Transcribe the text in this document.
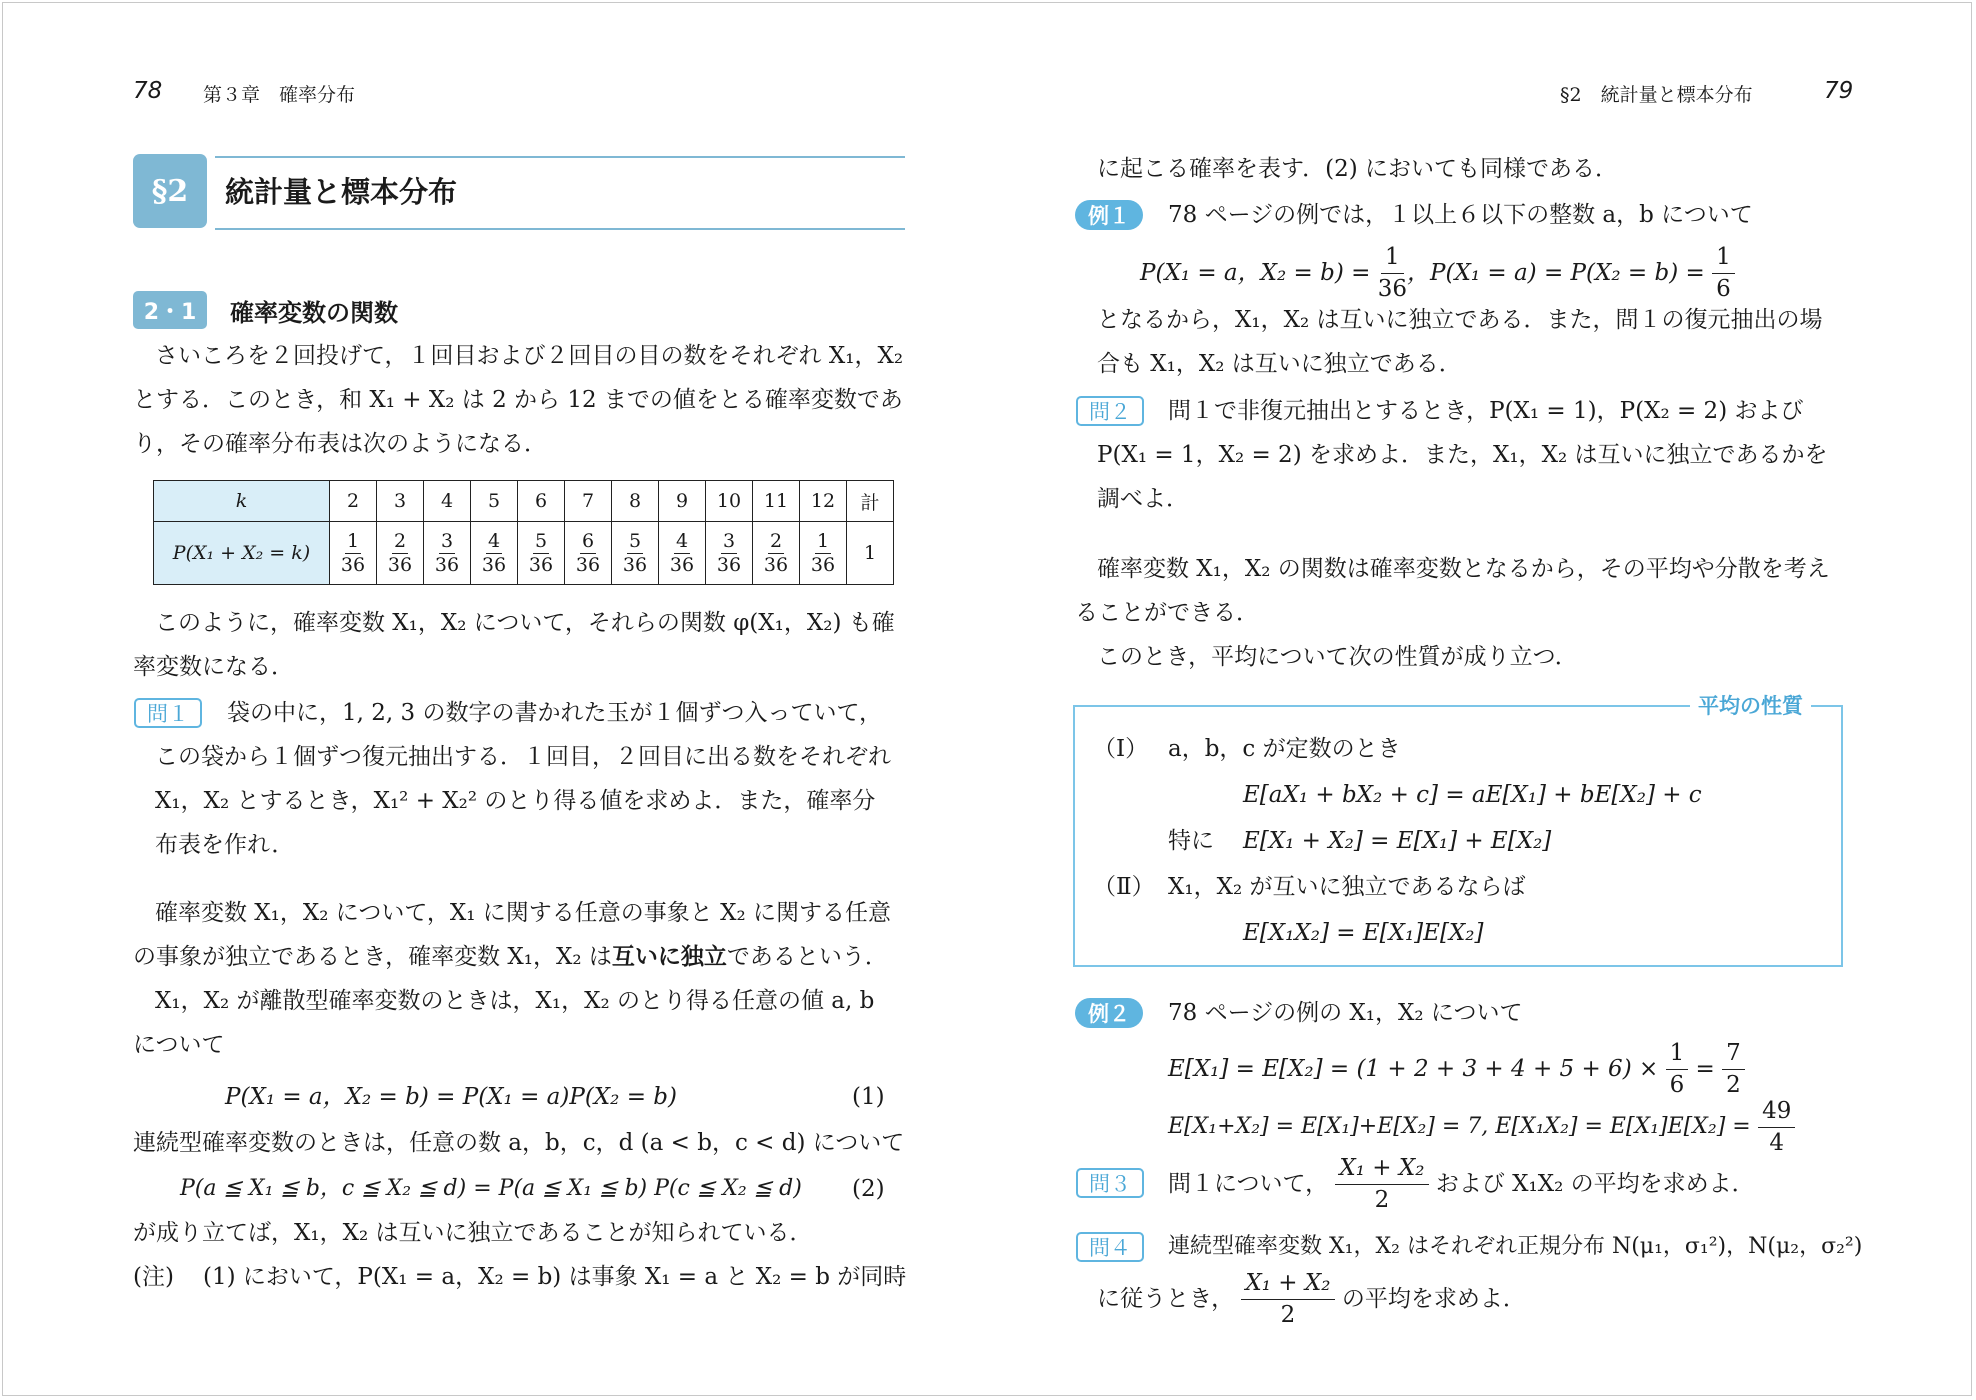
78 第３章　確率分布
§2	統計量と標本分布
2・1	確率変数の関数
さいころを２回投げて，１回目および２回目の目の数をそれぞれ X₁，X₂
とする．このとき，和 X₁ + X₂ は 2 から 12 までの値をとる確率変数であ
り，その確率分布表は次のようになる．
k	2	3	4	5	6	7	8	9	10	11	12	計
P(X₁ + X₂ = k)	$\frac{1}{36}$	$\frac{2}{36}$	$\frac{3}{36}$	$\frac{4}{36}$	$\frac{5}{36}$	$\frac{6}{36}$	$\frac{5}{36}$	$\frac{4}{36}$	$\frac{3}{36}$	$\frac{2}{36}$	$\frac{1}{36}$	1
このように，確率変数 X₁，X₂ について，それらの関数 φ(X₁，X₂) も確
率変数になる．
問１	袋の中に，1, 2, 3 の数字の書かれた玉が１個ずつ入っていて，
この袋から１個ずつ復元抽出する．１回目，２回目に出る数をそれぞれ
X₁，X₂ とするとき，X₁² + X₂² のとり得る値を求めよ．また，確率分
布表を作れ．
確率変数 X₁，X₂ について，X₁ に関する任意の事象と X₂ に関する任意
の事象が独立であるとき，確率変数 X₁，X₂ は互いに独立であるという．
X₁，X₂ が離散型確率変数のときは，X₁，X₂ のとり得る任意の値 a, b
について
P(X₁ = a，X₂ = b) = P(X₁ = a)P(X₂ = b)	(1)
連続型確率変数のときは，任意の数 a，b，c，d (a < b，c < d) について
P(a ≦ X₁ ≦ b，c ≦ X₂ ≦ d) = P(a ≦ X₁ ≦ b) P(c ≦ X₂ ≦ d) (2)
が成り立てば，X₁，X₂ は互いに独立であることが知られている．
(注) (1) において，P(X₁ = a，X₂ = b) は事象 X₁ = a と X₂ = b が同時
§2　統計量と標本分布	79
に起こる確率を表す．(2) においても同様である．
例１	78 ページの例では，１以上６以下の整数 a，b について
P(X₁ = a，X₂ = b) =
$\frac{1}{36}$ ，P(X₁ = a) = P(X₂ = b) =
$\frac{1}{6}$
となるから，X₁，X₂ は互いに独立である．また，問１の復元抽出の場
合も X₁，X₂ は互いに独立である．
問２	問１で非復元抽出とするとき，P(X₁ = 1)，P(X₂ = 2) および
P(X₁ = 1，X₂ = 2) を求めよ．また，X₁，X₂ は互いに独立であるかを
調べよ．
確率変数 X₁，X₂ の関数は確率変数となるから，その平均や分散を考え
ることができる．
このとき，平均について次の性質が成り立つ．
平均の性質
（Ⅰ） a，b，c が定数のとき
E[aX₁ + bX₂ + c] = aE[X₁] + bE[X₂] + c
特に E[X₁ + X₂] = E[X₁] + E[X₂]
（Ⅱ） X₁，X₂ が互いに独立であるならば
E[X₁X₂] = E[X₁]E[X₂]
例２	78 ページの例の X₁，X₂ について
E[X₁] = E[X₂] = (1 + 2 + 3 + 4 + 5 + 6) ×
$\frac{1}{6}$
=
$\frac{7}{2}$
E[X₁+X₂] = E[X₁]+E[X₂] = 7, E[X₁X₂] = E[X₁]E[X₂] =
$\frac{49}{4}$
問３	問１について，

X₁ + X₂
2

および X₁X₂ の平均を求めよ．
問４	連続型確率変数 X₁，X₂ はそれぞれ正規分布 N(μ₁，σ₁²)，N(μ₂，σ₂²)
に従うとき，

X₁ + X₂
2

の平均を求めよ．
